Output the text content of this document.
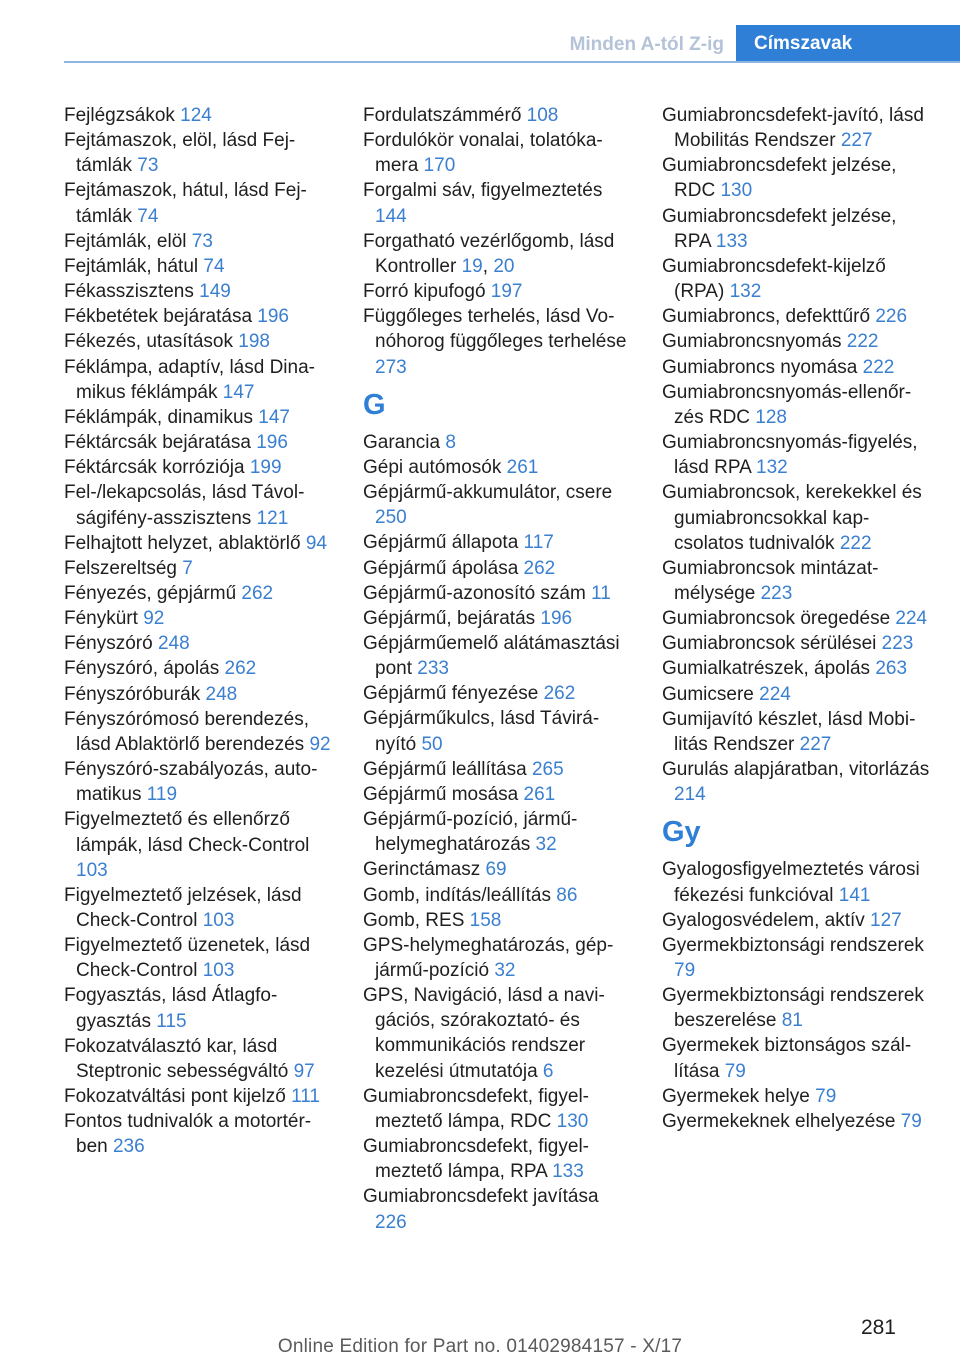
Minden A-tól Z-ig	Címszavak
Fejlégzsákok 124
Fejtámaszok, elöl, lásd Fejtámlák 73
Fejtámaszok, hátul, lásd Fejtámlák 74
Fejtámlák, elöl 73
Fejtámlák, hátul 74
Fékasszisztens 149
Fékbetétek bejáratása 196
Fékezés, utasítások 198
Féklámpa, adaptív, lásd Dinamikus féklámpák 147
Féklámpák, dinamikus 147
Féktárcsák bejáratása 196
Féktárcsák korróziója 199
Fel-/lekapcsolás, lásd Távolságifény-asszisztens 121
Felhajtott helyzet, ablaktörlő 94
Felszereltség 7
Fényezés, gépjármű 262
Fénykürt 92
Fényszóró 248
Fényszóró, ápolás 262
Fényszóróburák 248
Fényszórómosó berendezés, lásd Ablaktörlő berendezés 92
Fényszóró-szabályozás, automatikus 119
Figyelmeztető és ellenőrző lámpák, lásd Check-Control 103
Figyelmeztető jelzések, lásd Check-Control 103
Figyelmeztető üzenetek, lásd Check-Control 103
Fogyasztás, lásd Átlagfogyasztás 115
Fokozatválasztó kar, lásd Steptronic sebességváltó 97
Fokozatváltási pont kijelző 111
Fontos tudnivalók a motortérben 236
Fordulatszámmérő 108
Fordulókör vonalai, tolatókamera 170
Forgalmi sáv, figyelmeztetés 144
Forgatható vezérlőgomb, lásd Kontroller 19, 20
Forró kipufogó 197
Függőleges terhelés, lásd Vonóhorog függőleges terhelése 273
G
Garancia 8
Gépi autómosók 261
Gépjármű-akkumulátor, csere 250
Gépjármű állapota 117
Gépjármű ápolása 262
Gépjármű-azonosító szám 11
Gépjármű, bejáratás 196
Gépjárműemelő alátámasztási pont 233
Gépjármű fényezése 262
Gépjárműkulcs, lásd Távirányító 50
Gépjármű leállítása 265
Gépjármű mosása 261
Gépjármű-pozíció, járműhelymeghatározás 32
Gerinctámasz 69
Gomb, indítás/leállítás 86
Gomb, RES 158
GPS-helymeghatározás, gépjármű-pozíció 32
GPS, Navigáció, lásd a navigációs, szórakoztató- és kommunikációs rendszer kezelési útmutatója 6
Gumiabroncsdefekt, figyelmeztető lámpa, RDC 130
Gumiabroncsdefekt, figyelmeztető lámpa, RPA 133
Gumiabroncsdefekt javítása 226
Gumiabroncsdefekt-javító, lásd Mobilitás Rendszer 227
Gumiabroncsdefekt jelzése, RDC 130
Gumiabroncsdefekt jelzése, RPA 133
Gumiabroncsdefekt-kijelző (RPA) 132
Gumiabroncs, defekttűrő 226
Gumiabroncsnyomás 222
Gumiabroncs nyomása 222
Gumiabroncsnyomás-ellenőrzés RDC 128
Gumiabroncsnyomás-figyelés, lásd RPA 132
Gumiabroncsok, kerekekkel és gumiabroncsokkal kapcsolatos tudnivalók 222
Gumiabroncsok mintázatmélysége 223
Gumiabroncsok öregedése 224
Gumiabroncsok sérülései 223
Gumialkatrészek, ápolás 263
Gumicsere 224
Gumijavító készlet, lásd Mobilitás Rendszer 227
Gurulás alapjáratban, vitorlázás 214
Gy
Gyalogosfigyelmeztetés városi fékezési funkcióval 141
Gyalogosvédelem, aktív 127
Gyermekbiztonsági rendszerek 79
Gyermekbiztonsági rendszerek beszerelése 81
Gyermekek biztonságos szállítása 79
Gyermekek helye 79
Gyermekeknek elhelyezése 79
281
Online Edition for Part no. 01402984157 - X/17
